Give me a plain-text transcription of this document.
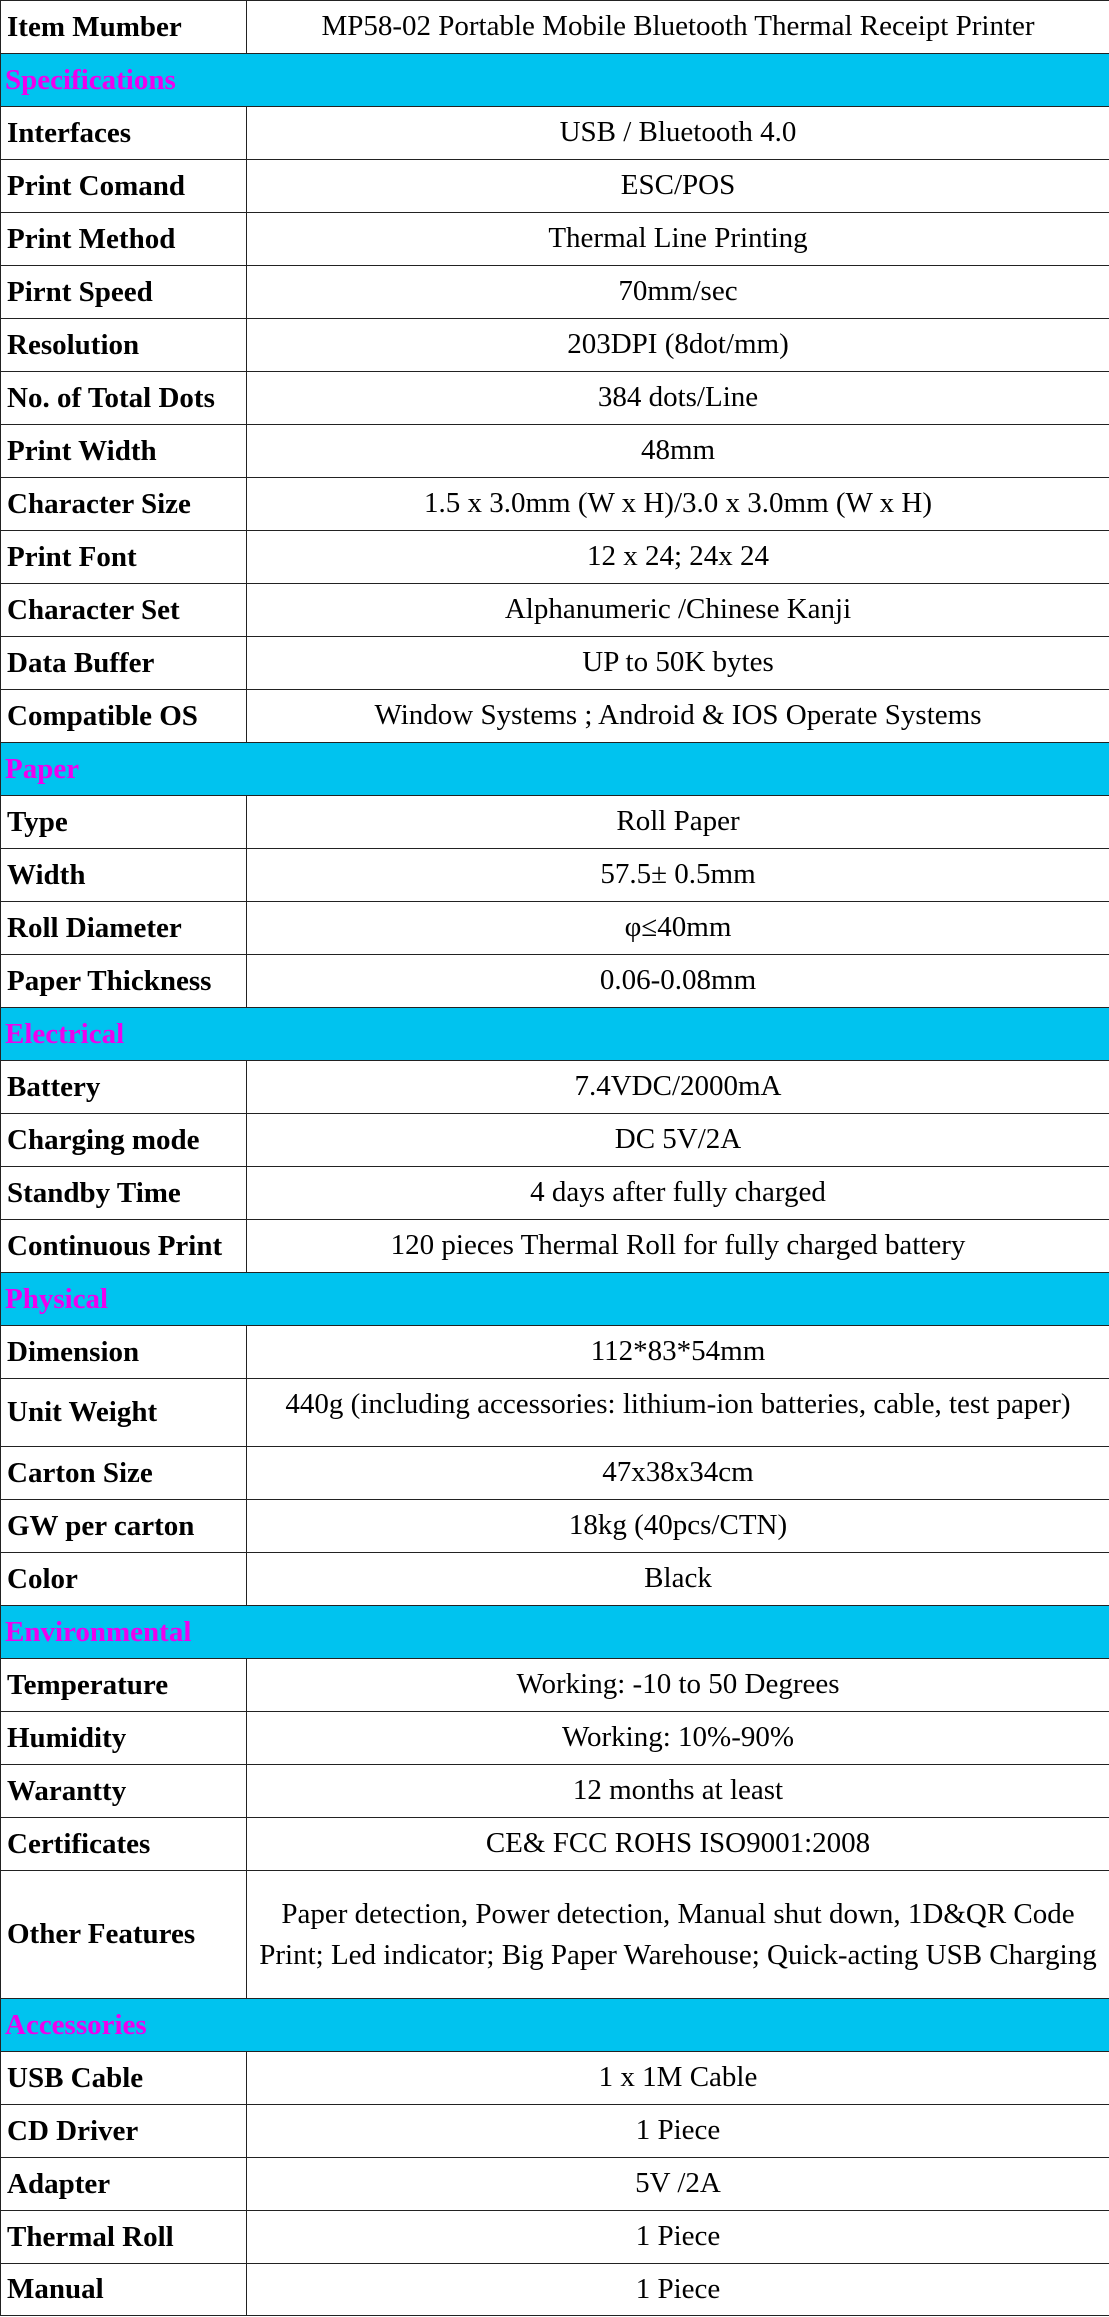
Item Mumber	MP58-02 Portable Mobile Bluetooth Thermal Receipt Printer
Specifications	
Interfaces	USB / Bluetooth 4.0
Print Comand	ESC/POS
Print Method	Thermal Line Printing
Pirnt Speed	70mm/sec
Resolution	203DPI (8dot/mm)
No. of Total Dots	384 dots/Line
Print Width	48mm
Character Size	1.5 x 3.0mm (W x H)/3.0 x 3.0mm (W x H)
Print Font	12 x 24; 24x 24
Character Set	Alphanumeric /Chinese Kanji
Data Buffer	UP to 50K bytes
Compatible OS	Window Systems ; Android & IOS Operate Systems
Paper	
Type	Roll Paper
Width	57.5± 0.5mm
Roll Diameter	φ≤40mm
Paper Thickness	0.06-0.08mm
Electrical	
Battery	7.4VDC/2000mA
Charging mode	DC 5V/2A
Standby Time	4 days after fully charged
Continuous Print	120 pieces Thermal Roll for fully charged battery
Physical	
Dimension	112*83*54mm
Unit Weight	440g (including accessories: lithium-ion batteries, cable, test paper)

Carton Size	47x38x34cm
GW per carton	18kg (40pcs/CTN)
Color	Black
Environmental	
Temperature	Working: -10 to 50 Degrees
Humidity	Working: 10%-90%
Warantty	12 months at least
Certificates	CE& FCC ROHS ISO9001:2008
Other Features	Paper detection, Power detection, Manual shut down, 1D&QR Code Print; Led indicator; Big Paper Warehouse; Quick-acting USB Charging

Accessories	
USB Cable	1 x 1M Cable
CD Driver	1 Piece
Adapter	5V /2A
Thermal Roll	1 Piece
Manual	1 Piece
